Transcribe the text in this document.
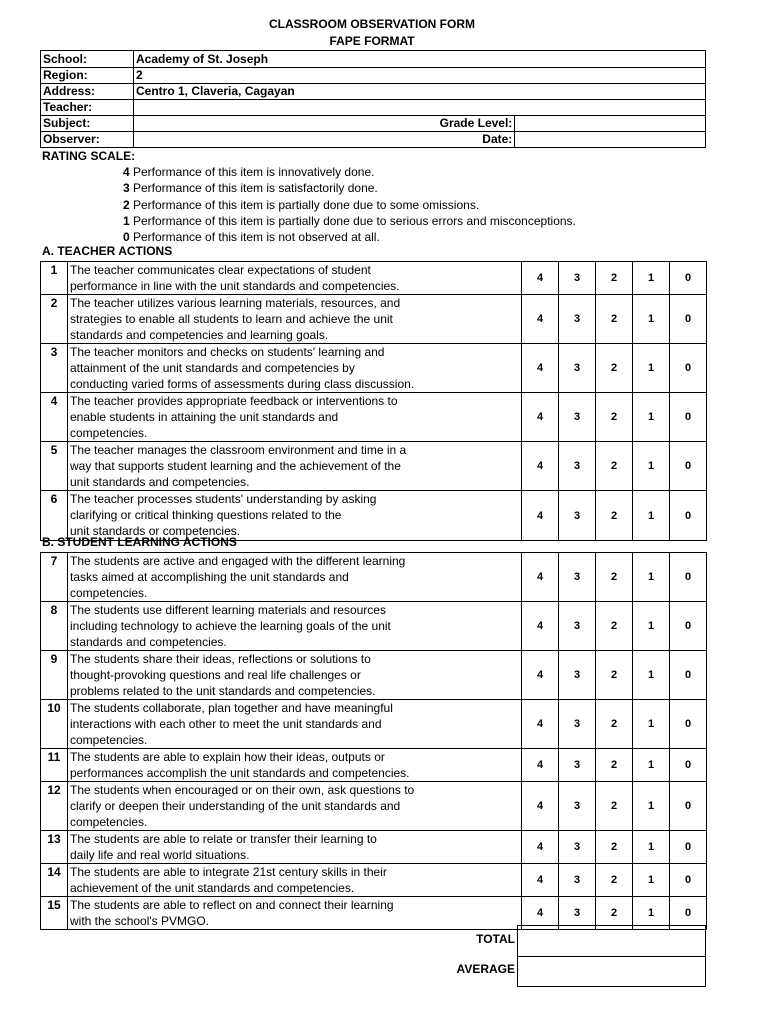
CLASSROOM OBSERVATION FORM
FAPE FORMAT
School:	Academy of St. Joseph		
Region:	2		
Address:	Centro 1, Claveria, Cagayan		
Teacher:			
Subject:		Grade Level:	
Observer:		Date:	
RATING SCALE:
4 Performance of this item is innovatively done.
3 Performance of this item is satisfactorily done.
2 Performance of this item is partially done due to some omissions.
1 Performance of this item is partially done due to serious errors and misconceptions.
0 Performance of this item is not observed at all.
A. TEACHER ACTIONS
1	The teacher communicates clear expectations of student
performance in line with the unit standards and competencies.	4	3	2	1	0
2	The teacher utilizes various learning materials, resources, and
strategies to enable all students to learn and achieve the unit
standards and competencies and learning goals.	4	3	2	1	0
3	The teacher monitors and checks on students' learning and
attainment of the unit standards and competencies by
conducting varied forms of assessments during class discussion.	4	3	2	1	0
4	The teacher provides appropriate feedback or interventions to
enable students in attaining the unit standards and
competencies.	4	3	2	1	0
5	The teacher manages the classroom environment and time in a
way that supports student learning and the achievement of the
unit standards and competencies.	4	3	2	1	0
6	The teacher processes students' understanding by asking
clarifying or critical thinking questions related to the
unit standards or competencies.	4	3	2	1	0
B. STUDENT LEARNING ACTIONS
7	The students are active and engaged with the different learning
tasks aimed at accomplishing the unit standards and
competencies.	4	3	2	1	0
8	The students use different learning materials and resources
including technology to achieve the learning goals of the unit
standards and competencies.	4	3	2	1	0
9	The students share their ideas, reflections or solutions to
thought-provoking questions and real life challenges or
problems related to the unit standards and competencies.	4	3	2	1	0
10	The students collaborate, plan together and have meaningful
interactions with each other to meet the unit standards and
competencies.	4	3	2	1	0
11	The students are able to explain how their ideas, outputs or
performances accomplish the unit standards and competencies.	4	3	2	1	0
12	The students when encouraged or on their own, ask questions to
clarify or deepen their understanding of the unit standards and
competencies.	4	3	2	1	0
13	The students are able to relate or transfer their learning to
daily life and real world situations.	4	3	2	1	0
14	The students are able to integrate 21st century skills in their
achievement of the unit standards and competencies.	4	3	2	1	0
15	The students are able to reflect on and connect their learning
with the school's PVMGO.	4	3	2	1	0
TOTAL
AVERAGE
